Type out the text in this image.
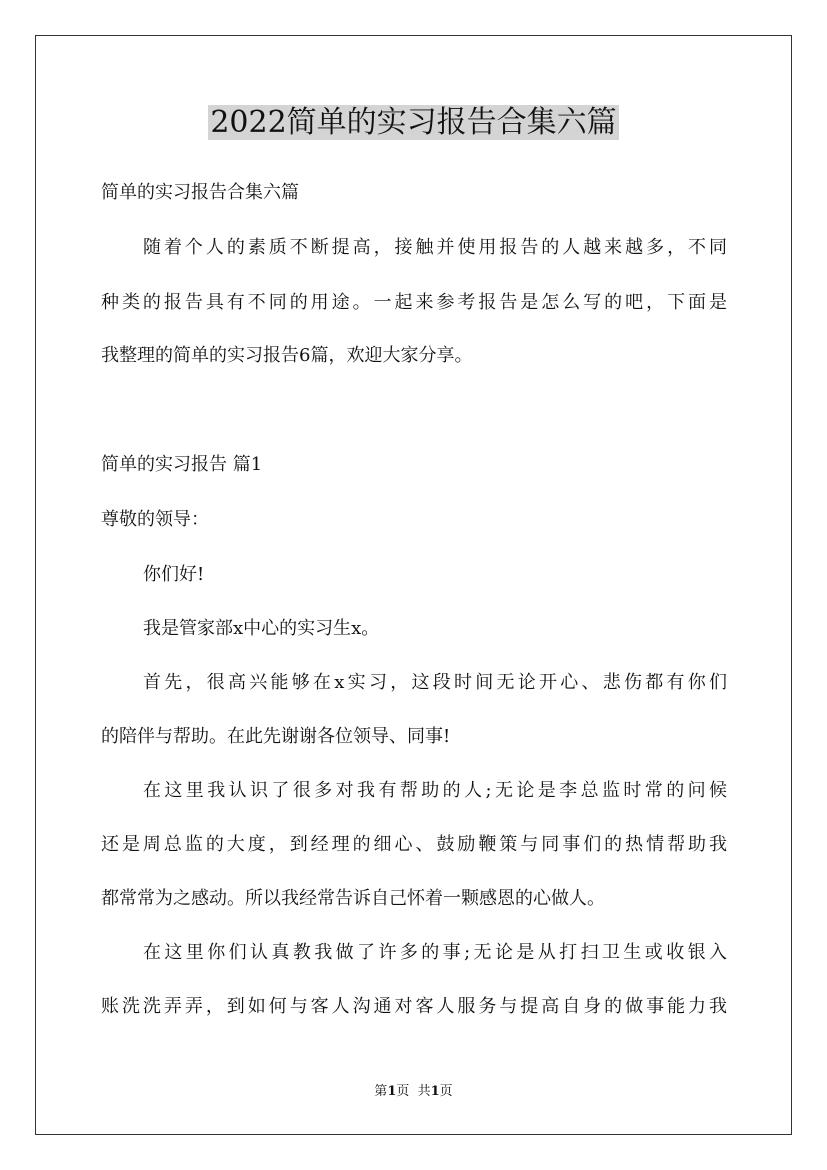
2022简单的实习报告合集六篇

简单的实习报告合集六篇

随着个人的素质不断提高，接触并使用报告的人越来越多，不同

种类的报告具有不同的用途。一起来参考报告是怎么写的吧，下面是

我整理的简单的实习报告6篇，欢迎大家分享。

简单的实习报告 篇1

尊敬的领导：

你们好!

我是管家部x中心的实习生x。

首先，很高兴能够在x实习，这段时间无论开心、悲伤都有你们

的陪伴与帮助。在此先谢谢各位领导、同事!

在这里我认识了很多对我有帮助的人;无论是李总监时常的问候

还是周总监的大度，到经理的细心、鼓励鞭策与同事们的热情帮助我

都常常为之感动。所以我经常告诉自己怀着一颗感恩的心做人。

在这里你们认真教我做了许多的事;无论是从打扫卫生或收银入

账洗洗弄弄，到如何与客人沟通对客人服务与提高自身的做事能力我

第1页  共1页
